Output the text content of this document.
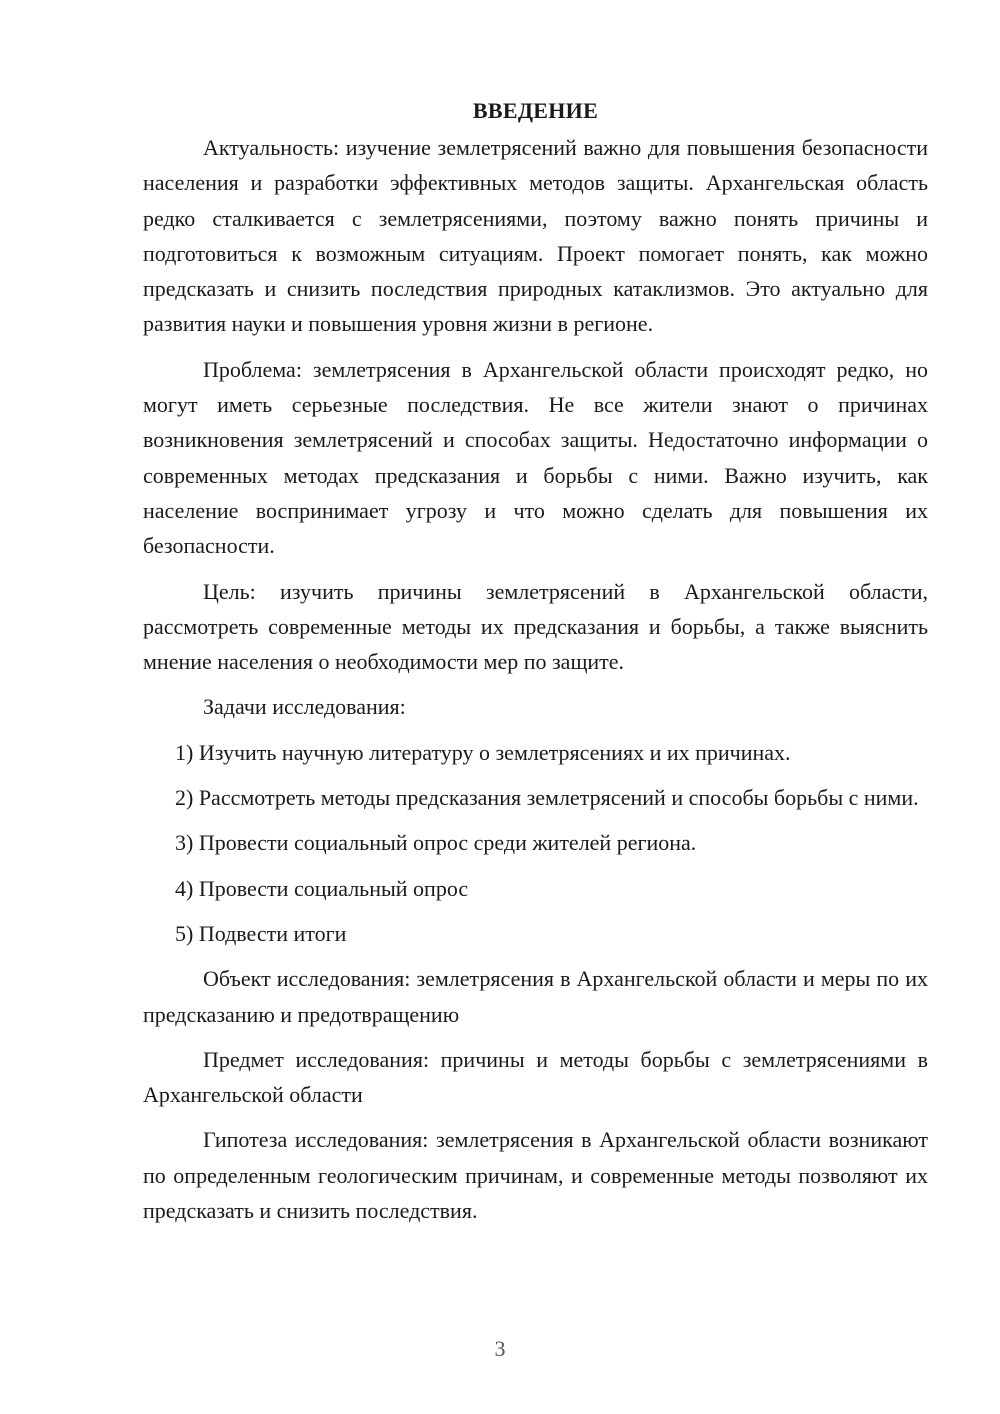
ВВЕДЕНИЕ

Актуальность: изучение землетрясений важно для повышения безопасности населения и разработки эффективных методов защиты. Архангельская область редко сталкивается с землетрясениями, поэтому важно понять причины и подготовиться к возможным ситуациям. Проект помогает понять, как можно предсказать и снизить последствия природных катаклизмов. Это актуально для развития науки и повышения уровня жизни в регионе.

Проблема: землетрясения в Архангельской области происходят редко, но могут иметь серьезные последствия. Не все жители знают о причинах возникновения землетрясений и способах защиты. Недостаточно информации о современных методах предсказания и борьбы с ними. Важно изучить, как население воспринимает угрозу и что можно сделать для повышения их безопасности.

Цель: изучить причины землетрясений в Архангельской области, рассмотреть современные методы их предсказания и борьбы, а также выяснить мнение населения о необходимости мер по защите.

Задачи исследования:

1) Изучить научную литературу о землетрясениях и их причинах.

2) Рассмотреть методы предсказания землетрясений и способы борьбы с ними.

3) Провести социальный опрос среди жителей региона.

4) Провести социальный опрос

5) Подвести итоги

Объект исследования: землетрясения в Архангельской области и меры по их предсказанию и предотвращению

Предмет исследования: причины и методы борьбы с землетрясениями в Архангельской области

Гипотеза исследования: землетрясения в Архангельской области возникают по определенным геологическим причинам, и современные методы позволяют их предсказать и снизить последствия.

3
